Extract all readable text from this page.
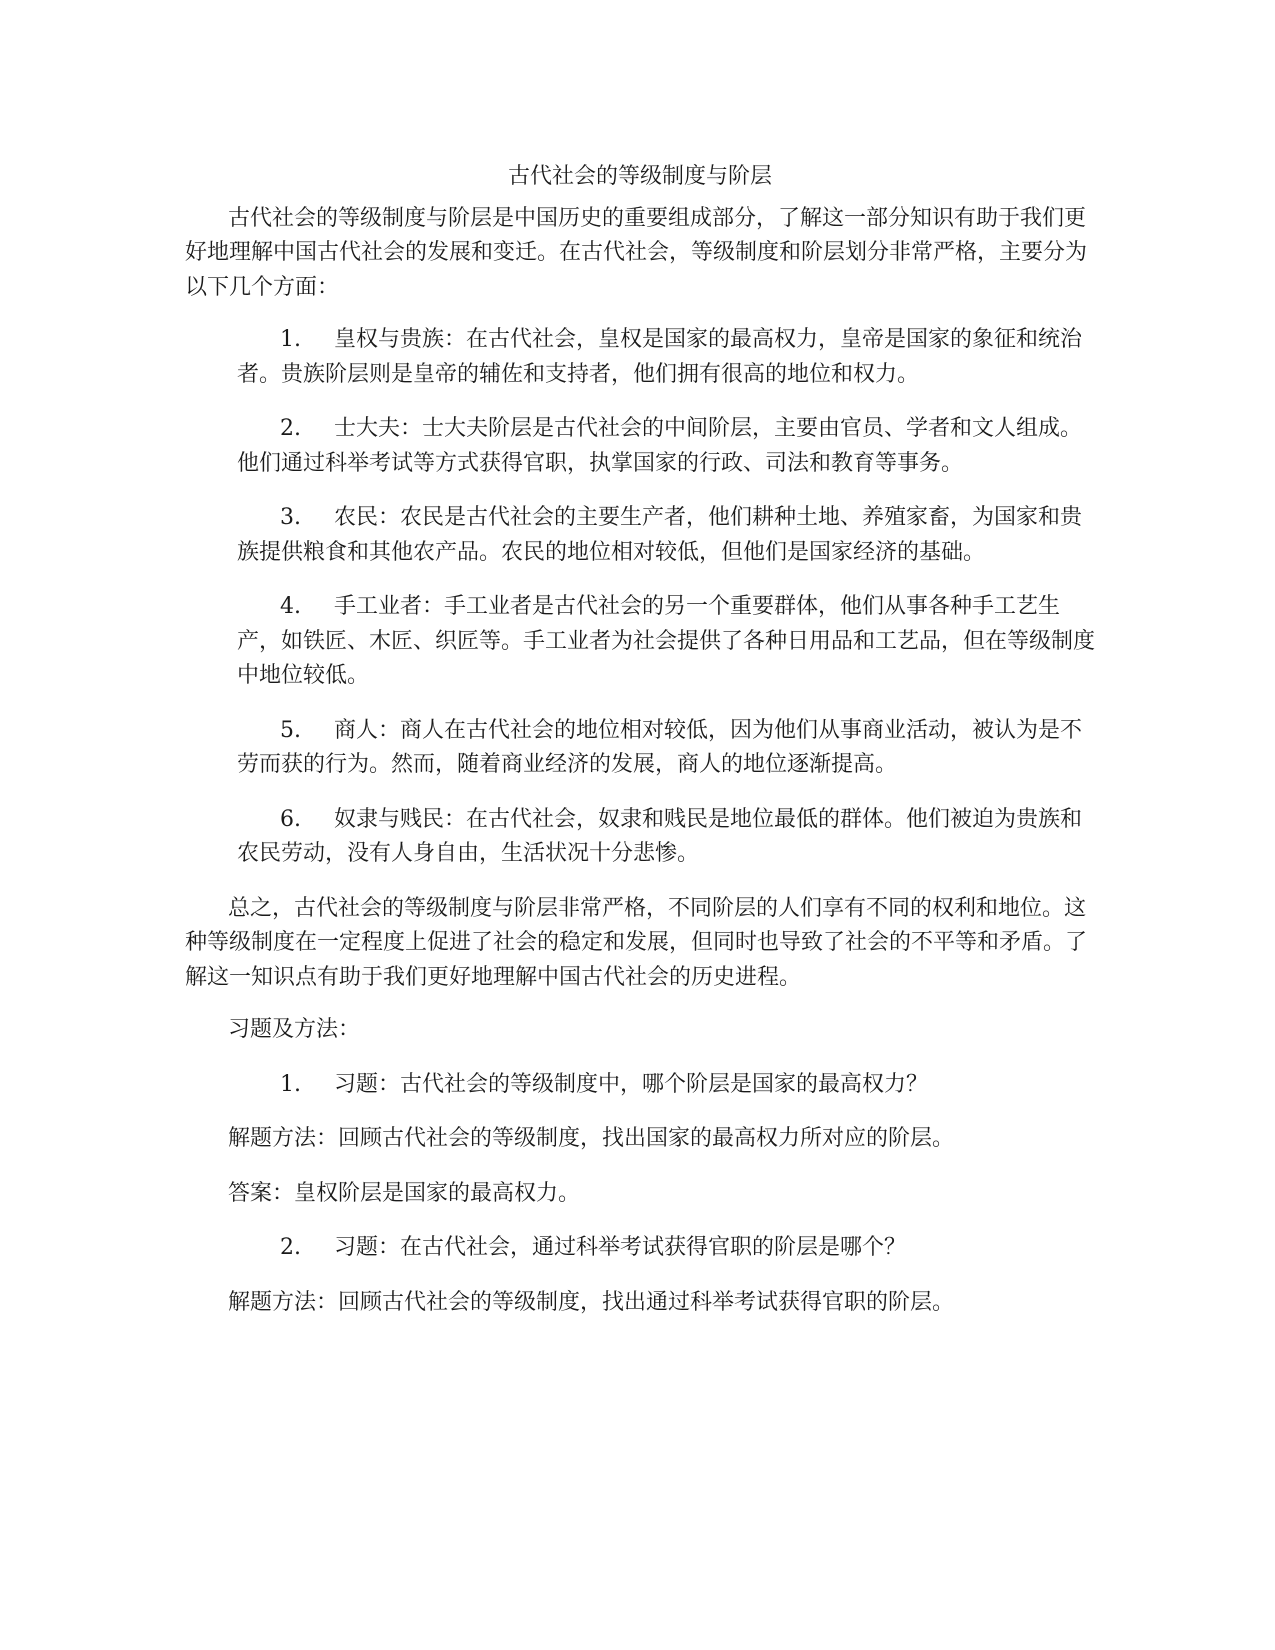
古代社会的等级制度与阶层

古代社会的等级制度与阶层是中国历史的重要组成部分，了解这一部分知识有助于我们更好地理解中国古代社会的发展和变迁。在古代社会，等级制度和阶层划分非常严格，主要分为以下几个方面：

1. 皇权与贵族：在古代社会，皇权是国家的最高权力，皇帝是国家的象征和统治者。贵族阶层则是皇帝的辅佐和支持者，他们拥有很高的地位和权力。
2. 士大夫：士大夫阶层是古代社会的中间阶层，主要由官员、学者和文人组成。他们通过科举考试等方式获得官职，执掌国家的行政、司法和教育等事务。
3. 农民：农民是古代社会的主要生产者，他们耕种土地、养殖家畜，为国家和贵族提供粮食和其他农产品。农民的地位相对较低，但他们是国家经济的基础。
4. 手工业者：手工业者是古代社会的另一个重要群体，他们从事各种手工艺生产，如铁匠、木匠、织匠等。手工业者为社会提供了各种日用品和工艺品，但在等级制度中地位较低。
5. 商人：商人在古代社会的地位相对较低，因为他们从事商业活动，被认为是不劳而获的行为。然而，随着商业经济的发展，商人的地位逐渐提高。
6. 奴隶与贱民：在古代社会，奴隶和贱民是地位最低的群体。他们被迫为贵族和农民劳动，没有人身自由，生活状况十分悲惨。

总之，古代社会的等级制度与阶层非常严格，不同阶层的人们享有不同的权利和地位。这种等级制度在一定程度上促进了社会的稳定和发展，但同时也导致了社会的不平等和矛盾。了解这一知识点有助于我们更好地理解中国古代社会的历史进程。

习题及方法：
1. 习题：古代社会的等级制度中，哪个阶层是国家的最高权力？
解题方法：回顾古代社会的等级制度，找出国家的最高权力所对应的阶层。
答案：皇权阶层是国家的最高权力。
2. 习题：在古代社会，通过科举考试获得官职的阶层是哪个？
解题方法：回顾古代社会的等级制度，找出通过科举考试获得官职的阶层。
